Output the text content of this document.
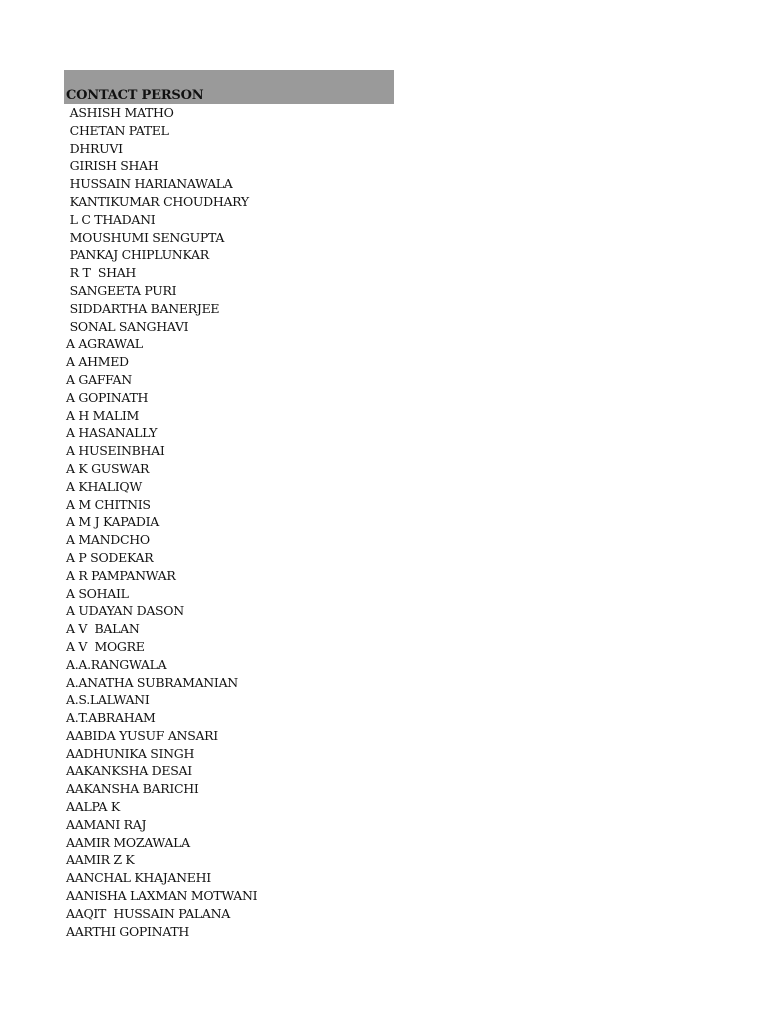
CONTACT PERSON
ASHISH MATHO
CHETAN PATEL
DHRUVI
GIRISH SHAH
HUSSAIN HARIANAWALA
KANTIKUMAR CHOUDHARY
L C THADANI
MOUSHUMI SENGUPTA
PANKAJ CHIPLUNKAR
R T  SHAH
SANGEETA PURI
SIDDARTHA BANERJEE
SONAL SANGHAVI
A AGRAWAL
A AHMED
A GAFFAN
A GOPINATH
A H MALIM
A HASANALLY
A HUSEINBHAI
A K GUSWAR
A KHALIQW
A M CHITNIS
A M J KAPADIA
A MANDCHO
A P SODEKAR
A R PAMPANWAR
A SOHAIL
A UDAYAN DASON
A V  BALAN
A V  MOGRE
A.A.RANGWALA
A.ANATHA SUBRAMANIAN
A.S.LALWANI
A.T.ABRAHAM
AABIDA YUSUF ANSARI
AADHUNIKA SINGH
AAKANKSHA DESAI
AAKANSHA BARICHI
AALPA K
AAMANI RAJ
AAMIR MOZAWALA
AAMIR Z K
AANCHAL KHAJANEHI
AANISHA LAXMAN MOTWANI
AAQIT  HUSSAIN PALANA
AARTHI GOPINATH
